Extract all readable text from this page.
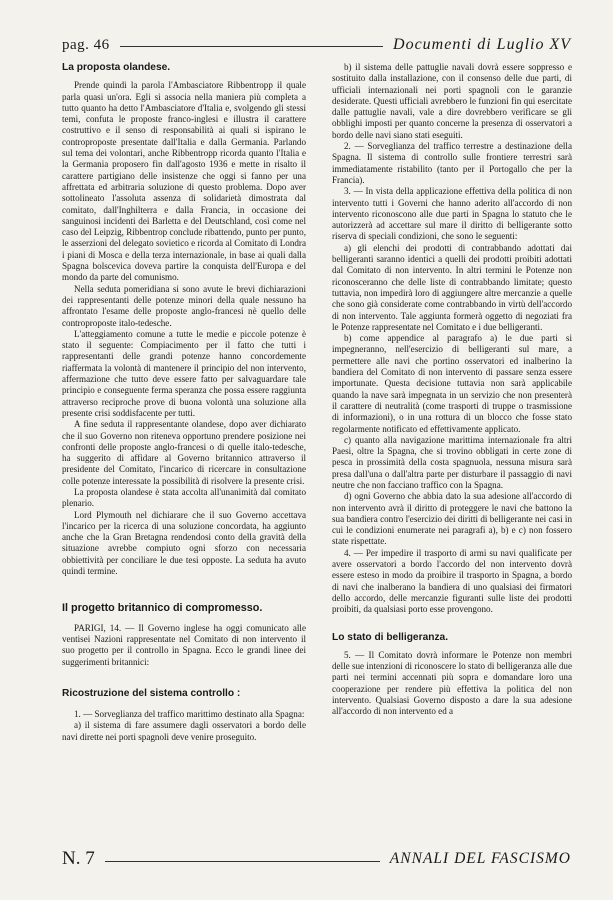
pag. 46	Documenti di Luglio XV
La proposta olandese.

Prende quindi la parola l'Ambasciatore Ribbentropp il quale parla quasi un'ora. Egli si associa nella maniera più completa a tutto quanto ha detto l'Ambasciatore d'Italia e, svolgendo gli stessi temi, confuta le proposte franco-inglesi e illustra il carattere costruttivo e il senso di responsabilità ai quali si ispirano le controproposte presentate dall'Italia e dalla Germania. Parlando sul tema dei volontari, anche Ribbentropp ricorda quanto l'Italia e la Germania proposero fin dall'agosto 1936 e mette in risalto il carattere partigiano delle insistenze che oggi si fanno per una affrettata ed arbitraria soluzione di questo problema. Dopo aver sottolineato l'assoluta assenza di solidarietà dimostrata dal comitato, dall'Inghilterra e dalla Francia, in occasione dei sanguinosi incidenti dei Barletta e del Deutschland, così come nel caso del Leipzig, Ribbentrop conclude ribattendo, punto per punto, le asserzioni del delegato sovietico e ricorda al Comitato di Londra i piani di Mosca e della terza internazionale, in base ai quali dalla Spagna bolscevica doveva partire la conquista dell'Europa e del mondo da parte del comunismo.

Nella seduta pomeridiana si sono avute le brevi dichiarazioni dei rappresentanti delle potenze minori della quale nessuno ha affrontato l'esame delle proposte anglo-francesi nè quello delle controproposte italo-tedesche.

L'atteggiamento comune a tutte le medie e piccole potenze è stato il seguente: Compiacimento per il fatto che tutti i rappresentanti delle grandi potenze hanno concordemente riaffermata la volontà di mantenere il principio del non intervento, affermazione che tutto deve essere fatto per salvaguardare tale principio e conseguente ferma speranza che possa essere raggiunta attraverso reciproche prove di buona volontà una soluzione alla presente crisi soddisfacente per tutti.

A fine seduta il rappresentante olandese, dopo aver dichiarato che il suo Governo non riteneva opportuno prendere posizione nei confronti delle proposte anglo-francesi o di quelle italo-tedesche, ha suggerito di affidare al Governo britannico attraverso il presidente del Comitato, l'incarico di ricercare in consultazione colle potenze interessate la possibilità di risolvere la presente crisi.

La proposta olandese è stata accolta all'unanimità dal comitato plenario.

Lord Plymouth nel dichiarare che il suo Governo accettava l'incarico per la ricerca di una soluzione concordata, ha aggiunto anche che la Gran Bretagna rendendosi conto della gravità della situazione avrebbe compiuto ogni sforzo con necessaria obbiettività per conciliare le due tesi opposte. La seduta ha avuto quindi termine.

Il progetto britannico di compromesso.

PARIGI, 14. — Il Governo inglese ha oggi comunicato alle ventisei Nazioni rappresentate nel Comitato di non intervento il suo progetto per il controllo in Spagna. Ecco le grandi linee dei suggerimenti britannici:

Ricostruzione del sistema controllo :

1. — Sorveglianza del traffico marittimo destinato alla Spagna:

a) il sistema di fare assumere dagli osservatori a bordo delle navi dirette nei porti spagnoli deve venire proseguito.

b) il sistema delle pattuglie navali dovrà essere soppresso e sostituito dalla installazione, con il consenso delle due parti, di ufficiali internazionali nei porti spagnoli con le garanzie desiderate. Questi ufficiali avrebbero le funzioni fin qui esercitate dalle pattuglie navali, vale a dire dovrebbero verificare se gli obblighi imposti per quanto concerne la presenza di osservatori a bordo delle navi siano stati eseguiti.

2. — Sorveglianza del traffico terrestre a destinazione della Spagna. Il sistema di controllo sulle frontiere terrestri sarà immediatamente ristabilito (tanto per il Portogallo che per la Francia).

3. — In vista della applicazione effettiva della politica di non intervento tutti i Governi che hanno aderito all'accordo di non intervento riconoscono alle due parti in Spagna lo statuto che le autorizzerà ad accettare sul mare il diritto di belligerante sotto riserva di speciali condizioni, che sono le seguenti:

a) gli elenchi dei prodotti di contrabbando adottati dai belligeranti saranno identici a quelli dei prodotti proibiti adottati dal Comitato di non intervento. In altri termini le Potenze non riconosceranno che delle liste di contrabbando limitate; questo tuttavia, non impedirà loro di aggiungere altre mercanzie a quelle che sono già considerate come contrabbando in virtù dell'accordo di non intervento. Tale aggiunta formerà oggetto di negoziati fra le Potenze rappresentate nel Comitato e i due belligeranti.

b) come appendice al paragrafo a) le due parti si impegneranno, nell'esercizio di belligeranti sul mare, a permettere alle navi che portino osservatori ed inalberino la bandiera del Comitato di non intervento di passare senza essere importunate. Questa decisione tuttavia non sarà applicabile quando la nave sarà impegnata in un servizio che non presenterà il carattere di neutralità (come trasporti di truppe o trasmissione di informazioni), o in una rottura di un blocco che fosse stato regolarmente notificato ed effettivamente applicato.

c) quanto alla navigazione marittima internazionale fra altri Paesi, oltre la Spagna, che si trovino obbligati in certe zone di pesca in prossimità della costa spagnuola, nessuna misura sarà presa dall'una o dall'altra parte per disturbare il passaggio di navi neutre che non facciano traffico con la Spagna.

d) ogni Governo che abbia dato la sua adesione all'accordo di non intervento avrà il diritto di proteggere le navi che battono la sua bandiera contro l'esercizio dei diritti di belligerante nei casi in cui le condizioni enumerate nei paragrafi a), b) e c) non fossero state rispettate.

4. — Per impedire il trasporto di armi su navi qualificate per avere osservatori a bordo l'accordo del non intervento dovrà essere esteso in modo da proibire il trasporto in Spagna, a bordo di navi che inalberano la bandiera di uno qualsiasi dei firmatori dello accordo, delle mercanzie figuranti sulle liste dei prodotti proibiti, da qualsiasi porto esse provengono.

Lo stato di belligeranza.

5. — Il Comitato dovrà informare le Potenze non membri delle sue intenzioni di riconoscere lo stato di belligeranza alle due parti nei termini accennati più sopra e domandare loro una cooperazione per rendere più effettiva la politica del non intervento. Qualsiasi Governo disposto a dare la sua adesione all'accordo di non intervento ed a

N. 7	ANNALI DEL FASCISMO
